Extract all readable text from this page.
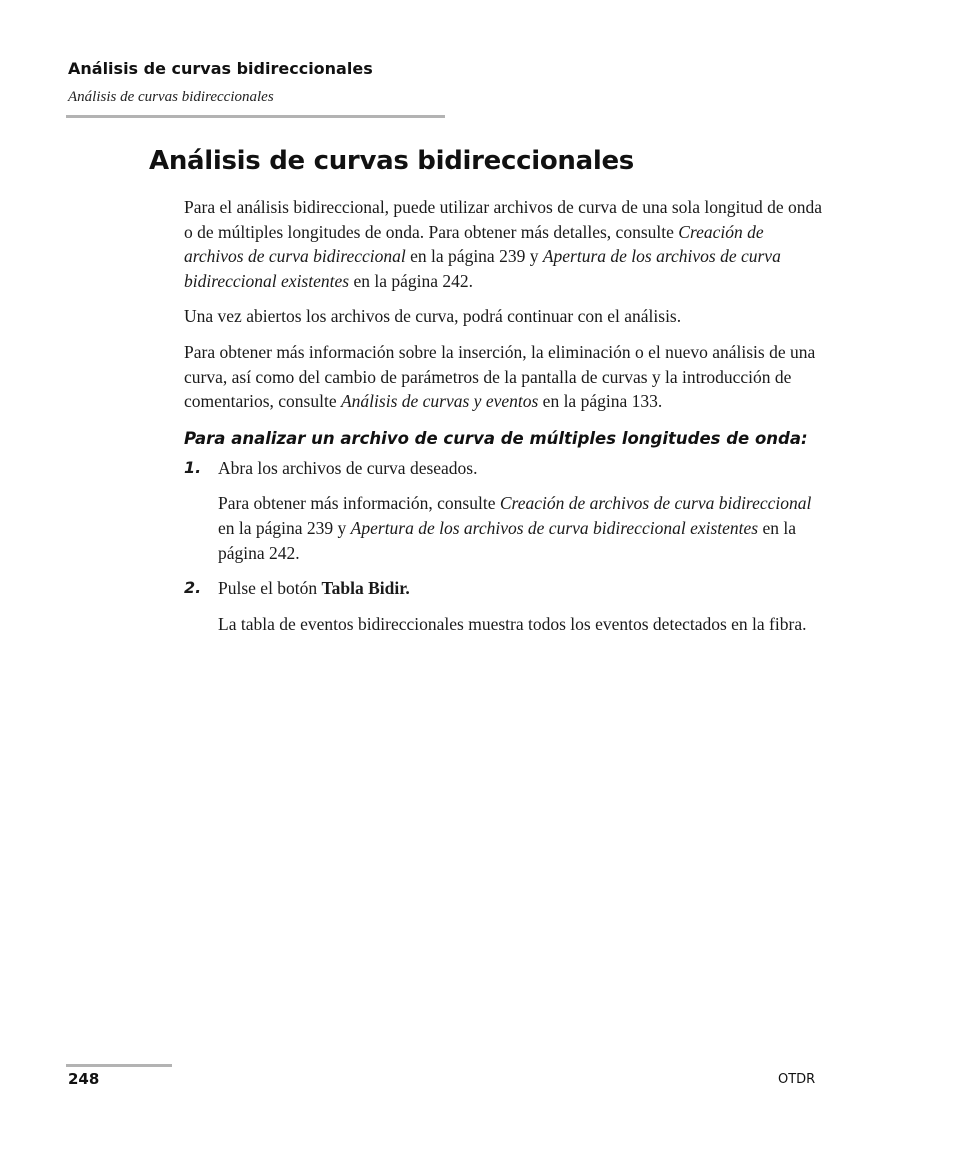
Análisis de curvas bidireccionales
Análisis de curvas bidireccionales
Análisis de curvas bidireccionales

Para el análisis bidireccional, puede utilizar archivos de curva de una sola longitud de onda o de múltiples longitudes de onda. Para obtener más detalles, consulte Creación de archivos de curva bidireccional en la página 239 y Apertura de los archivos de curva bidireccional existentes en la página 242.

Una vez abiertos los archivos de curva, podrá continuar con el análisis.

Para obtener más información sobre la inserción, la eliminación o el nuevo análisis de una curva, así como del cambio de parámetros de la pantalla de curvas y la introducción de comentarios, consulte Análisis de curvas y eventos en la página 133.

Para analizar un archivo de curva de múltiples longitudes de onda:
1. Abra los archivos de curva deseados.
Para obtener más información, consulte Creación de archivos de curva bidireccional en la página 239 y Apertura de los archivos de curva bidireccional existentes en la página 242.
2. Pulse el botón Tabla Bidir.
La tabla de eventos bidireccionales muestra todos los eventos detectados en la fibra.
248	OTDR
